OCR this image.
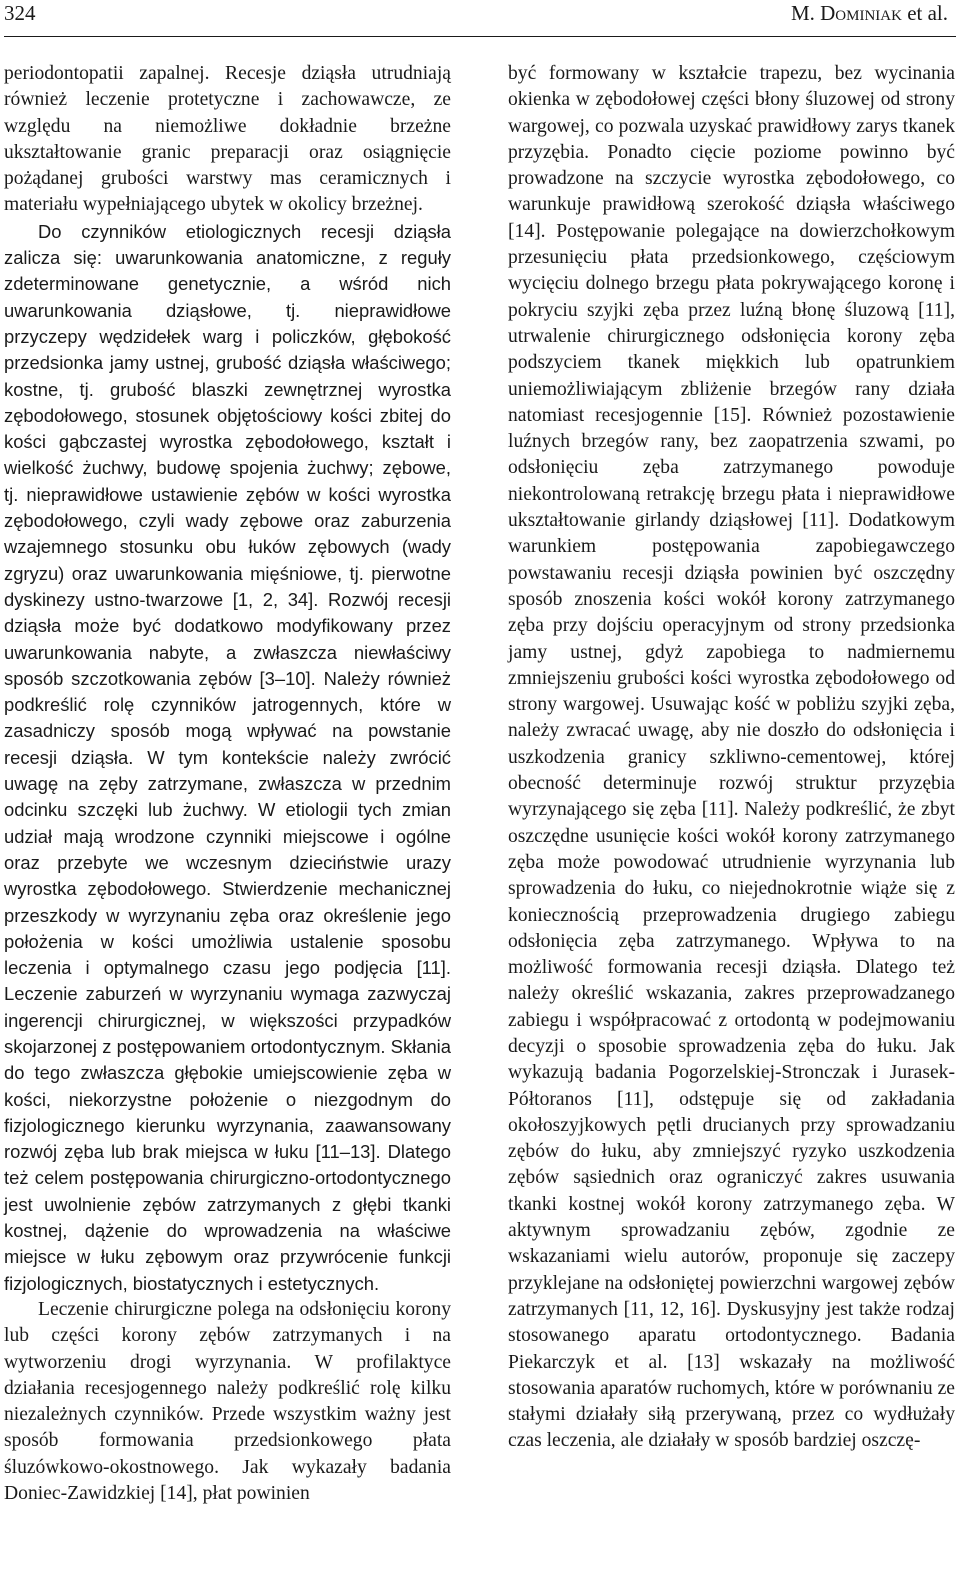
324	M. Dominiak et al.

periodontopatii zapalnej. Recesje dziąsła utrudniają również leczenie protetyczne i zachowawcze, ze względu na niemożliwe dokładnie brzeżne ukształtowanie granic preparacji oraz osiągnięcie pożądanej grubości warstwy mas ceramicznych i materiału wypełniającego ubytek w okolicy brzeżnej.

Do czynników etiologicznych recesji dziąsła zalicza się: uwarunkowania anatomiczne, z reguły zdeterminowane genetycznie, a wśród nich uwarunkowania dziąsłowe, tj. nieprawidłowe przyczepy wędzidełek warg i policzków, głębokość przedsionka jamy ustnej, grubość dziąsła właściwego; kostne, tj. grubość blaszki zewnętrznej wyrostka zębodołowego, stosunek objętościowy kości zbitej do kości gąbczastej wyrostka zębodołowego, kształt i wielkość żuchwy, budowę spojenia żuchwy; zębowe, tj. nieprawidłowe ustawienie zębów w kości wyrostka zębodołowego, czyli wady zębowe oraz zaburzenia wzajemnego stosunku obu łuków zębowych (wady zgryzu) oraz uwarunkowania mięśniowe, tj. pierwotne dyskinezy ustno-twarzowe [1, 2, 34]. Rozwój recesji dziąsła może być dodatkowo modyfikowany przez uwarunkowania nabyte, a zwłaszcza niewłaściwy sposób szczotkowania zębów [3–10]. Należy również podkreślić rolę czynników jatrogennych, które w zasadniczy sposób mogą wpływać na powstanie recesji dziąsła. W tym kontekście należy zwrócić uwagę na zęby zatrzymane, zwłaszcza w przednim odcinku szczęki lub żuchwy. W etiologii tych zmian udział mają wrodzone czynniki miejscowe i ogólne oraz przebyte we wczesnym dzieciństwie urazy wyrostka zębodołowego. Stwierdzenie mechanicznej przeszkody w wyrzynaniu zęba oraz określenie jego położenia w kości umożliwia ustalenie sposobu leczenia i optymalnego czasu jego podjęcia [11]. Leczenie zaburzeń w wyrzynaniu wymaga zazwyczaj ingerencji chirurgicznej, w większości przypadków skojarzonej z postępowaniem ortodontycznym. Skłania do tego zwłaszcza głębokie umiejscowienie zęba w kości, niekorzystne położenie o niezgodnym do fizjologicznego kierunku wyrzynania, zaawansowany rozwój zęba lub brak miejsca w łuku [11–13]. Dlatego też celem postępowania chirurgiczno-ortodontycznego jest uwolnienie zębów zatrzymanych z głębi tkanki kostnej, dążenie do wprowadzenia na właściwe miejsce w łuku zębowym oraz przywrócenie funkcji fizjologicznych, biostatycznych i estetycznych.

Leczenie chirurgiczne polega na odsłonięciu korony lub części korony zębów zatrzymanych i na wytworzeniu drogi wyrzynania. W profilaktyce działania recesjogennego należy podkreślić rolę kilku niezależnych czynników. Przede wszystkim ważny jest sposób formowania przedsionkowego płata śluzówkowo-okostnowego. Jak wykazały badania Doniec-Zawidzkiej [14], płat powinien

być formowany w kształcie trapezu, bez wycinania okienka w zębodołowej części błony śluzowej od strony wargowej, co pozwala uzyskać prawidłowy zarys tkanek przyzębia. Ponadto cięcie poziome powinno być prowadzone na szczycie wyrostka zębodołowego, co warunkuje prawidłową szerokość dziąsła właściwego [14]. Postępowanie polegające na dowierzchołkowym przesunięciu płata przedsionkowego, częściowym wycięciu dolnego brzegu płata pokrywającego koronę i pokryciu szyjki zęba przez luźną błonę śluzową [11], utrwalenie chirurgicznego odsłonięcia korony zęba podszyciem tkanek miękkich lub opatrunkiem uniemożliwiającym zbliżenie brzegów rany działa natomiast recesjogennie [15]. Również pozostawienie luźnych brzegów rany, bez zaopatrzenia szwami, po odsłonięciu zęba zatrzymanego powoduje niekontrolowaną retrakcję brzegu płata i nieprawidłowe ukształtowanie girlandy dziąsłowej [11]. Dodatkowym warunkiem postępowania zapobiegawczego powstawaniu recesji dziąsła powinien być oszczędny sposób znoszenia kości wokół korony zatrzymanego zęba przy dojściu operacyjnym od strony przedsionka jamy ustnej, gdyż zapobiega to nadmiernemu zmniejszeniu grubości kości wyrostka zębodołowego od strony wargowej. Usuwając kość w pobliżu szyjki zęba, należy zwracać uwagę, aby nie doszło do odsłonięcia i uszkodzenia granicy szkliwno-cementowej, której obecność determinuje rozwój struktur przyzębia wyrzynającego się zęba [11]. Należy podkreślić, że zbyt oszczędne usunięcie kości wokół korony zatrzymanego zęba może powodować utrudnienie wyrzynania lub sprowadzenia do łuku, co niejednokrotnie wiąże się z koniecznością przeprowadzenia drugiego zabiegu odsłonięcia zęba zatrzymanego. Wpływa to na możliwość formowania recesji dziąsła. Dlatego też należy określić wskazania, zakres przeprowadzanego zabiegu i współpracować z ortodontą w podejmowaniu decyzji o sposobie sprowadzenia zęba do łuku. Jak wykazują badania Pogorzelskiej-Stronczak i Jurasek-Półtoranos [11], odstępuje się od zakładania okołoszyjkowych pętli drucianych przy sprowadzaniu zębów do łuku, aby zmniejszyć ryzyko uszkodzenia zębów sąsiednich oraz ograniczyć zakres usuwania tkanki kostnej wokół korony zatrzymanego zęba. W aktywnym sprowadzaniu zębów, zgodnie ze wskazaniami wielu autorów, proponuje się zaczepy przyklejane na odsłoniętej powierzchni wargowej zębów zatrzymanych [11, 12, 16]. Dyskusyjny jest także rodzaj stosowanego aparatu ortodontycznego. Badania Piekarczyk et al. [13] wskazały na możliwość stosowania aparatów ruchomych, które w porównaniu ze stałymi działały siłą przerywaną, przez co wydłużały czas leczenia, ale działały w sposób bardziej oszczę-
